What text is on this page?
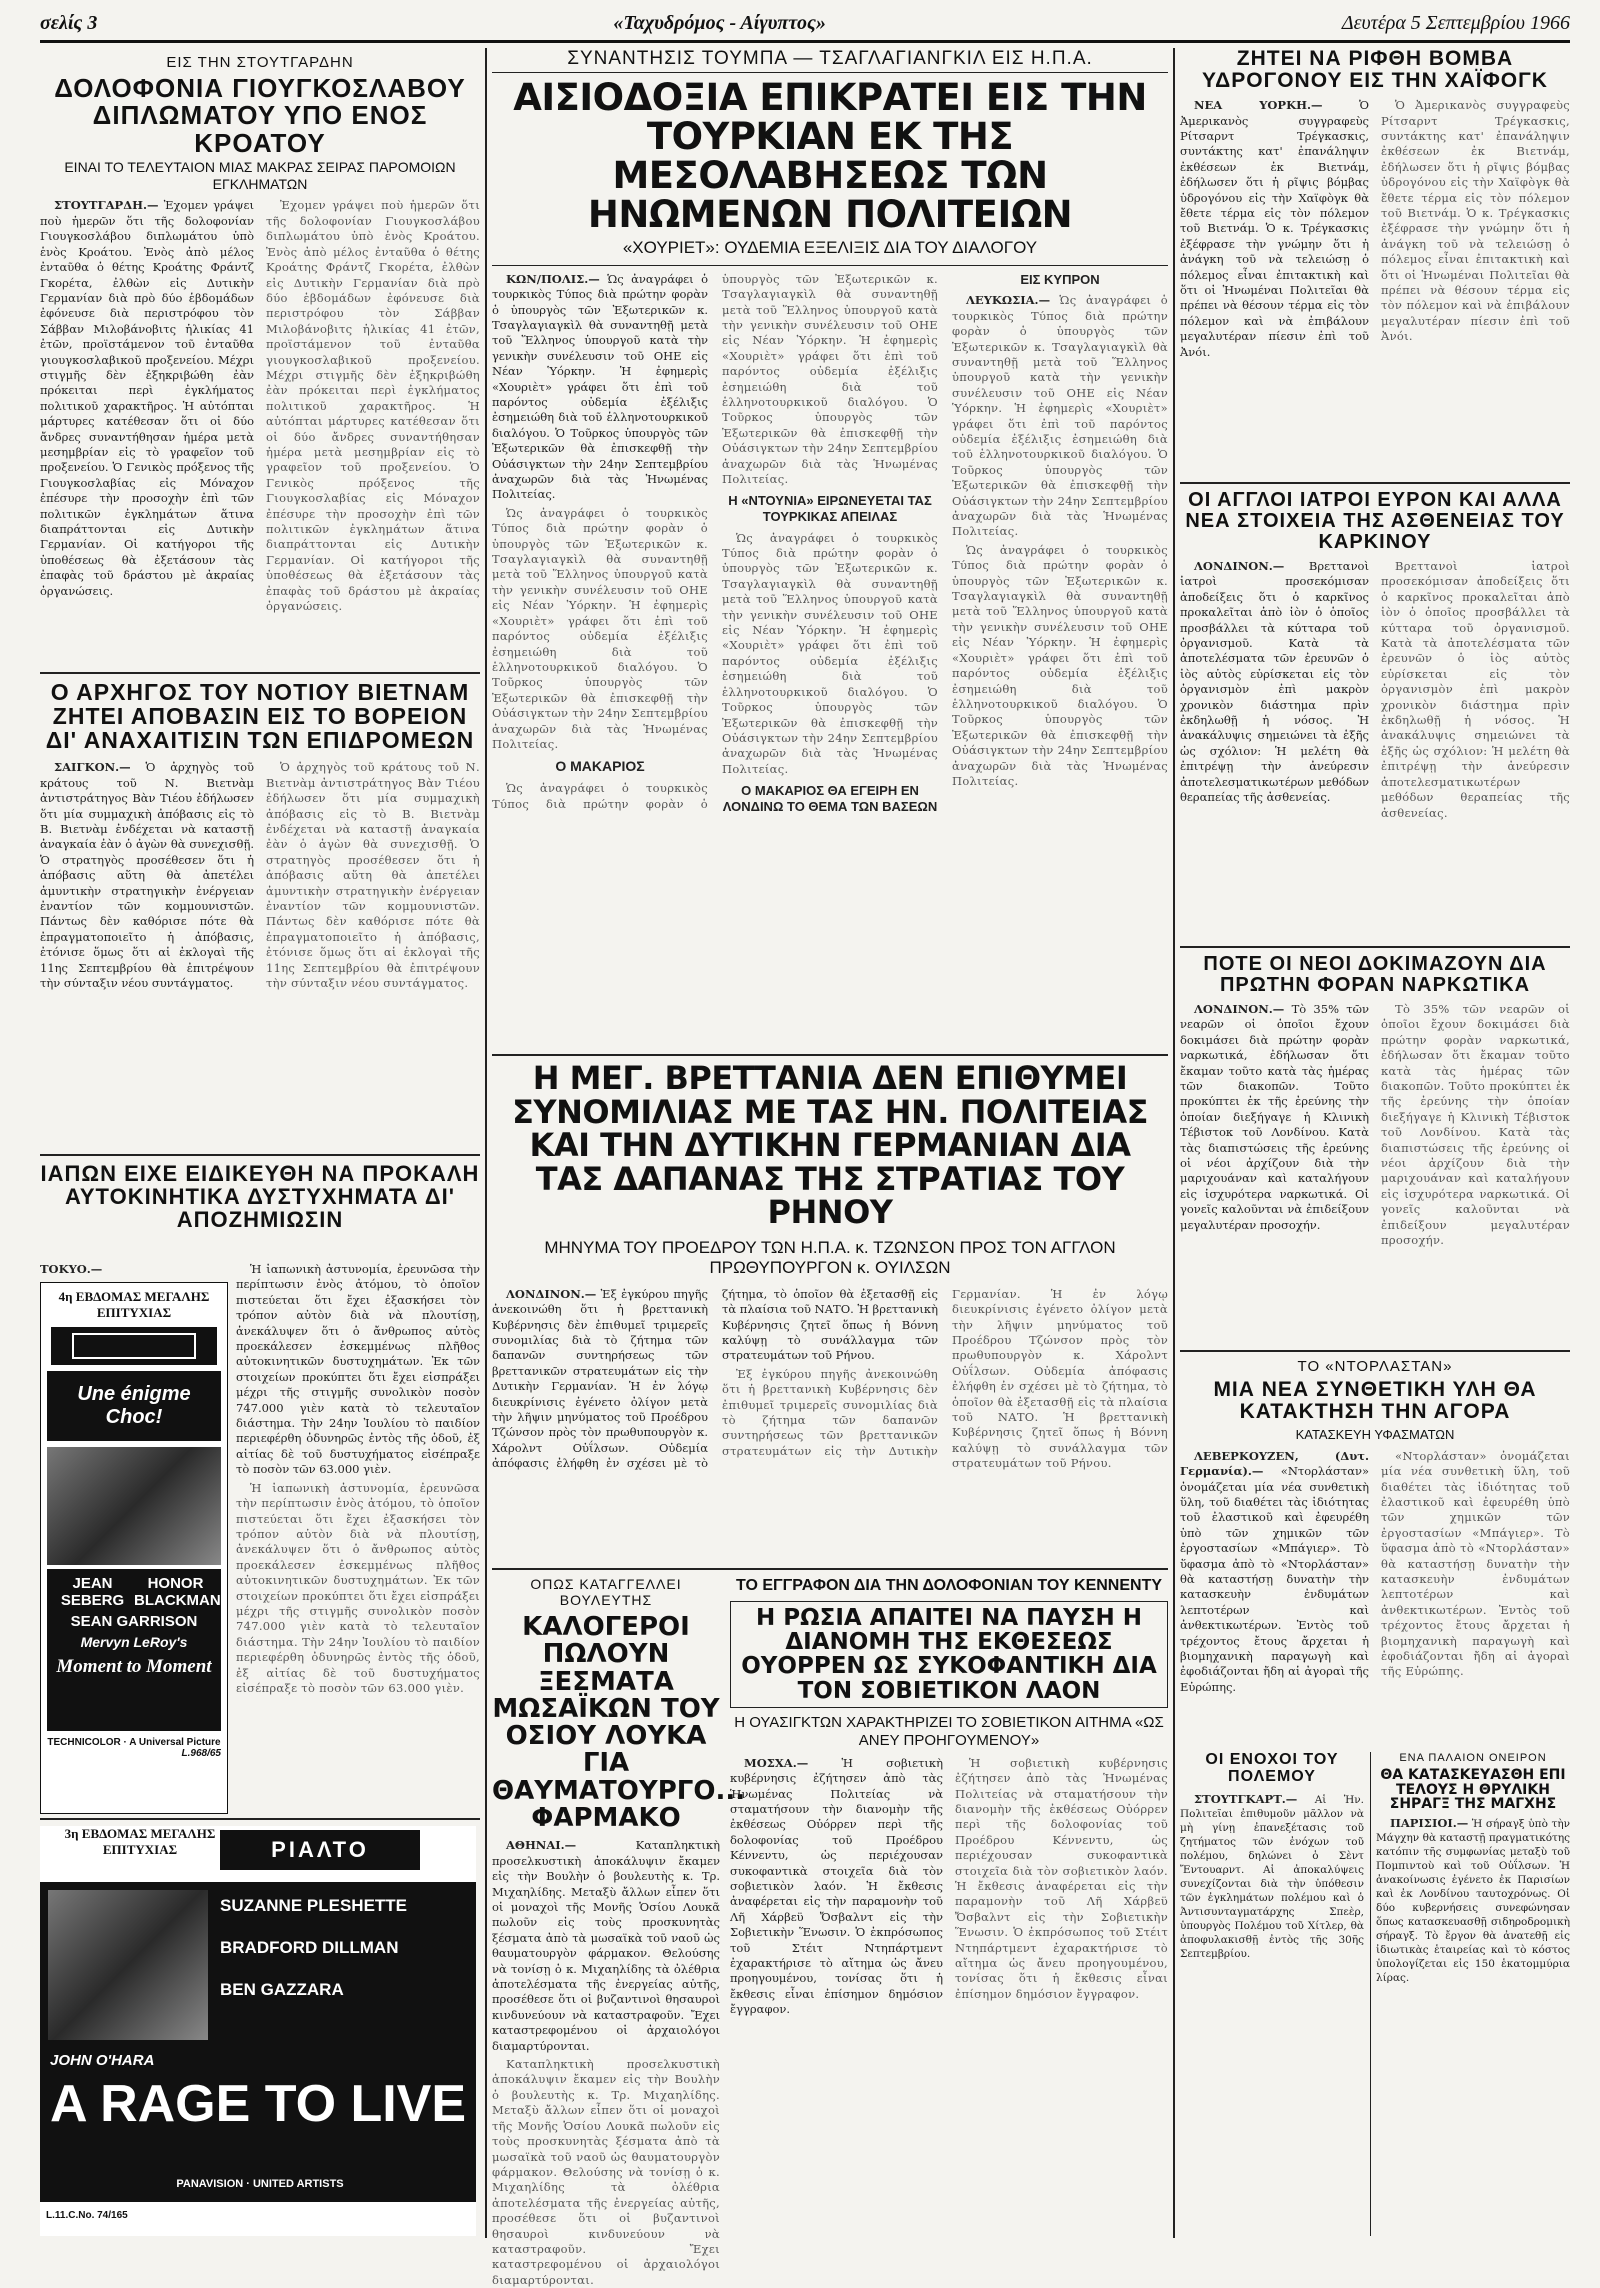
σελίς 3	«Ταχυδρόμος - Αίγυπτος»	Δευτέρα 5 Σεπτεμβρίου 1966
ΕΙΣ ΤΗΝ ΣΤΟΥΤΓΑΡΔΗΝ
ΔΟΛΟΦΟΝΙΑ ΓΙΟΥΓΚΟΣΛΑΒΟΥ ΔΙΠΛΩΜΑΤΟΥ ΥΠΟ ΕΝΟΣ ΚΡΟΑΤΟΥ
ΕΙΝΑΙ ΤΟ ΤΕΛΕΥΤΑΙΟΝ ΜΙΑΣ ΜΑΚΡΑΣ ΣΕΙΡΑΣ ΠΑΡΟΜΟΙΩΝ ΕΓΚΛΗΜΑΤΩΝ

ΣΤΟΥΤΓΑΡΔΗ.— Ἐχομεν γράψει ποὺ ἡμερῶν ὅτι τῆς δολοφονίαν Γιουγκοσλάβου διπλωμάτου ὑπὸ ἑνὸς Κροάτου. Ἐνὸς ἀπὸ μέλος ἐνταῦθα ὁ θέτης Κροάτης Φράντζ Γκορέτα, ἐλθὼν εἰς Δυτικὴν Γερμανίαν διὰ πρὸ δύο ἑβδομάδων ἐφόνευσε διὰ περιστρόφου τὸν Σάββαν Μιλοβάνοβιτς ἡλικίας 41 ἐτῶν, προϊστάμενον τοῦ ἐνταῦθα γιουγκοσλαβικοῦ προξενείου. Μέχρι στιγμῆς δὲν ἐξηκριβώθη ἐὰν πρόκειται περὶ ἐγκλήματος πολιτικοῦ χαρακτῆρος. Ἡ αὐτόπται μάρτυρες κατέθεσαν ὅτι οἱ δύο ἄνδρες συναντήθησαν ἡμέρα μετὰ μεσημβρίαν εἰς τὸ γραφεῖον τοῦ προξενείου. Ὁ Γενικὸς πρόξενος τῆς Γιουγκοσλαβίας εἰς Μόναχον ἐπέσυρε τὴν προσοχὴν ἐπὶ τῶν πολιτικῶν ἐγκλημάτων ἅτινα διαπράττονται εἰς Δυτικὴν Γερμανίαν. Οἱ κατήγοροι τῆς ὑποθέσεως θὰ ἐξετάσουν τὰς ἐπαφὰς τοῦ δράστου μὲ ἀκραίας ὀργανώσεις.

Ἐχομεν γράψει ποὺ ἡμερῶν ὅτι τῆς δολοφονίαν Γιουγκοσλάβου διπλωμάτου ὑπὸ ἑνὸς Κροάτου. Ἐνὸς ἀπὸ μέλος ἐνταῦθα ὁ θέτης Κροάτης Φράντζ Γκορέτα, ἐλθὼν εἰς Δυτικὴν Γερμανίαν διὰ πρὸ δύο ἑβδομάδων ἐφόνευσε διὰ περιστρόφου τὸν Σάββαν Μιλοβάνοβιτς ἡλικίας 41 ἐτῶν, προϊστάμενον τοῦ ἐνταῦθα γιουγκοσλαβικοῦ προξενείου. Μέχρι στιγμῆς δὲν ἐξηκριβώθη ἐὰν πρόκειται περὶ ἐγκλήματος πολιτικοῦ χαρακτῆρος. Ἡ αὐτόπται μάρτυρες κατέθεσαν ὅτι οἱ δύο ἄνδρες συναντήθησαν ἡμέρα μετὰ μεσημβρίαν εἰς τὸ γραφεῖον τοῦ προξενείου. Ὁ Γενικὸς πρόξενος τῆς Γιουγκοσλαβίας εἰς Μόναχον ἐπέσυρε τὴν προσοχὴν ἐπὶ τῶν πολιτικῶν ἐγκλημάτων ἅτινα διαπράττονται εἰς Δυτικὴν Γερμανίαν. Οἱ κατήγοροι τῆς ὑποθέσεως θὰ ἐξετάσουν τὰς ἐπαφὰς τοῦ δράστου μὲ ἀκραίας ὀργανώσεις.

Ο ΑΡΧΗΓΟΣ ΤΟΥ ΝΟΤΙΟΥ ΒΙΕΤΝΑΜ ΖΗΤΕΙ ΑΠΟΒΑΣΙΝ ΕΙΣ ΤΟ ΒΟΡΕΙΟΝ ΔΙ' ΑΝΑΧΑΙΤΙΣΙΝ ΤΩΝ ΕΠΙΔΡΟΜΕΩΝ

ΣΑΙΓΚΟΝ.— Ὁ ἀρχηγὸς τοῦ κράτους τοῦ Ν. Βιετνὰμ ἀντιστράτηγος Βὰν Τιέου ἐδήλωσεν ὅτι μία συμμαχικὴ ἀπόβασις εἰς τὸ Β. Βιετνὰμ ἐνδέχεται νὰ καταστῇ ἀναγκαία ἐὰν ὁ ἀγὼν θὰ συνεχισθῇ. Ὁ στρατηγὸς προσέθεσεν ὅτι ἡ ἀπόβασις αὕτη θὰ ἀπετέλει ἀμυντικὴν στρατηγικὴν ἐνέργειαν ἐναντίον τῶν κομμουνιστῶν. Πάντως δὲν καθόρισε πότε θὰ ἐπραγματοποιεῖτο ἡ ἀπόβασις, ἐτόνισε ὅμως ὅτι αἱ ἐκλογαὶ τῆς 11ης Σεπτεμβρίου θὰ ἐπιτρέψουν τὴν σύνταξιν νέου συντάγματος.

Ὁ ἀρχηγὸς τοῦ κράτους τοῦ Ν. Βιετνὰμ ἀντιστράτηγος Βὰν Τιέου ἐδήλωσεν ὅτι μία συμμαχικὴ ἀπόβασις εἰς τὸ Β. Βιετνὰμ ἐνδέχεται νὰ καταστῇ ἀναγκαία ἐὰν ὁ ἀγὼν θὰ συνεχισθῇ. Ὁ στρατηγὸς προσέθεσεν ὅτι ἡ ἀπόβασις αὕτη θὰ ἀπετέλει ἀμυντικὴν στρατηγικὴν ἐνέργειαν ἐναντίον τῶν κομμουνιστῶν. Πάντως δὲν καθόρισε πότε θὰ ἐπραγματοποιεῖτο ἡ ἀπόβασις, ἐτόνισε ὅμως ὅτι αἱ ἐκλογαὶ τῆς 11ης Σεπτεμβρίου θὰ ἐπιτρέψουν τὴν σύνταξιν νέου συντάγματος.

ΙΑΠΩΝ ΕΙΧΕ ΕΙΔΙΚΕΥΘΗ ΝΑ ΠΡΟΚΑΛΗ ΑΥΤΟΚΙΝΗΤΙΚΑ ΔΥΣΤΥΧΗΜΑΤΑ ΔΙ' ΑΠΟΖΗΜΙΩΣΙΝ
ΤΟΚΥΟ.—	Ἡ ἰαπωνικὴ ἀστυνομία, ἐρευνῶσα τὴν περίπτωσιν ἑνὸς ἀτόμου, τὸ ὁποῖον πιστεύεται ὅτι ἔχει ἐξασκήσει τὸν τρόπον αὐτὸν διὰ νὰ πλουτίσῃ, ἀνεκάλυψεν ὅτι ὁ ἄνθρωπος αὐτὸς προεκάλεσεν ἐσκεμμένως πλῆθος αὐτοκινητικῶν δυστυχημάτων. Ἐκ τῶν στοιχείων προκύπτει ὅτι ἔχει εἰσπράξει μέχρι τῆς στιγμῆς συνολικὸν ποσὸν 747.000 γιὲν κατὰ τὸ τελευταῖον διάστημα. Τὴν 24ην Ἰουλίου τὸ παιδίον περιεφέρθη ὀδυνηρῶς ἐντὸς τῆς ὁδοῦ, ἐξ αἰτίας δὲ τοῦ δυστυχήματος εἰσέπραξε τὸ ποσὸν τῶν 63.000 γιὲν.

Ἡ ἰαπωνικὴ ἀστυνομία, ἐρευνῶσα τὴν περίπτωσιν ἑνὸς ἀτόμου, τὸ ὁποῖον πιστεύεται ὅτι ἔχει ἐξασκήσει τὸν τρόπον αὐτὸν διὰ νὰ πλουτίσῃ, ἀνεκάλυψεν ὅτι ὁ ἄνθρωπος αὐτὸς προεκάλεσεν ἐσκεμμένως πλῆθος αὐτοκινητικῶν δυστυχημάτων. Ἐκ τῶν στοιχείων προκύπτει ὅτι ἔχει εἰσπράξει μέχρι τῆς στιγμῆς συνολικὸν ποσὸν 747.000 γιὲν κατὰ τὸ τελευταῖον διάστημα. Τὴν 24ην Ἰουλίου τὸ παιδίον περιεφέρθη ὀδυνηρῶς ἐντὸς τῆς ὁδοῦ, ἐξ αἰτίας δὲ τοῦ δυστυχήματος εἰσέπραξε τὸ ποσὸν τῶν 63.000 γιὲν.

4η ΕΒΔΟΜΑΣ ΜΕΓΑΛΗΣ ΕΠΙΤΥΧΙΑΣ
Une énigme Choc!
JEAN SEBERG
HONOR BLACKMAN
SEAN GARRISON
Mervyn LeRoy's
Moment to Moment
TECHNICOLOR · A Universal Picture
L.968/65
3η ΕΒΔΟΜΑΣ ΜΕΓΑΛΗΣ ΕΠΙΤΥΧΙΑΣ	ΡΙΑΛΤΟ
SUZANNE PLESHETTE
BRADFORD DILLMAN
BEN GAZZARA
JOHN O'HARA
A RAGE TO LIVE
PANAVISION · UNITED ARTISTS
L.11.C.No. 74/165
ΣΥΝΑΝΤΗΣΙΣ ΤΟΥΜΠΑ — ΤΣΑΓΛΑΓΙΑΝΓΚΙΛ ΕΙΣ Η.Π.Α.
ΑΙΣΙΟΔΟΞΙΑ ΕΠΙΚΡΑΤΕΙ ΕΙΣ ΤΗΝ ΤΟΥΡΚΙΑΝ ΕΚ ΤΗΣ ΜΕΣΟΛΑΒΗΣΕΩΣ ΤΩΝ ΗΝΩΜΕΝΩΝ ΠΟΛΙΤΕΙΩΝ
«ΧΟΥΡΙΕΤ»: ΟΥΔΕΜΙΑ ΕΞΕΛΙΞΙΣ ΔΙΑ ΤΟΥ ΔΙΑΛΟΓΟΥ

ΚΩΝ/ΠΟΛΙΣ.— Ὡς ἀναγράφει ὁ τουρκικὸς Τύπος διὰ πρώτην φορὰν ὁ ὑπουργὸς τῶν Ἐξωτερικῶν κ. Τσαγλαγιαγκὶλ θὰ συναντηθῇ μετὰ τοῦ Ἕλληνος ὑπουργοῦ κατὰ τὴν γενικὴν συνέλευσιν τοῦ ΟΗΕ εἰς Νέαν Ὑόρκην. Ἡ ἐφημερὶς «Χουριὲτ» γράφει ὅτι ἐπὶ τοῦ παρόντος οὐδεμία ἐξέλιξις ἐσημειώθη διὰ τοῦ ἑλληνοτουρκικοῦ διαλόγου. Ὁ Τοῦρκος ὑπουργὸς τῶν Ἐξωτερικῶν θὰ ἐπισκεφθῇ τὴν Οὐάσιγκτων τὴν 24ην Σεπτεμβρίου ἀναχωρῶν διὰ τὰς Ἡνωμένας Πολιτείας.

Ὡς ἀναγράφει ὁ τουρκικὸς Τύπος διὰ πρώτην φορὰν ὁ ὑπουργὸς τῶν Ἐξωτερικῶν κ. Τσαγλαγιαγκὶλ θὰ συναντηθῇ μετὰ τοῦ Ἕλληνος ὑπουργοῦ κατὰ τὴν γενικὴν συνέλευσιν τοῦ ΟΗΕ εἰς Νέαν Ὑόρκην. Ἡ ἐφημερὶς «Χουριὲτ» γράφει ὅτι ἐπὶ τοῦ παρόντος οὐδεμία ἐξέλιξις ἐσημειώθη διὰ τοῦ ἑλληνοτουρκικοῦ διαλόγου. Ὁ Τοῦρκος ὑπουργὸς τῶν Ἐξωτερικῶν θὰ ἐπισκεφθῇ τὴν Οὐάσιγκτων τὴν 24ην Σεπτεμβρίου ἀναχωρῶν διὰ τὰς Ἡνωμένας Πολιτείας.

Ο ΜΑΚΑΡΙΟΣ

Ὡς ἀναγράφει ὁ τουρκικὸς Τύπος διὰ πρώτην φορὰν ὁ ὑπουργὸς τῶν Ἐξωτερικῶν κ. Τσαγλαγιαγκὶλ θὰ συναντηθῇ μετὰ τοῦ Ἕλληνος ὑπουργοῦ κατὰ τὴν γενικὴν συνέλευσιν τοῦ ΟΗΕ εἰς Νέαν Ὑόρκην. Ἡ ἐφημερὶς «Χουριὲτ» γράφει ὅτι ἐπὶ τοῦ παρόντος οὐδεμία ἐξέλιξις ἐσημειώθη διὰ τοῦ ἑλληνοτουρκικοῦ διαλόγου. Ὁ Τοῦρκος ὑπουργὸς τῶν Ἐξωτερικῶν θὰ ἐπισκεφθῇ τὴν Οὐάσιγκτων τὴν 24ην Σεπτεμβρίου ἀναχωρῶν διὰ τὰς Ἡνωμένας Πολιτείας.

Η «ΝΤΟΥΝΙΑ» ΕΙΡΩΝΕΥΕΤΑΙ ΤΑΣ ΤΟΥΡΚΙΚΑΣ ΑΠΕΙΛΑΣ

Ὡς ἀναγράφει ὁ τουρκικὸς Τύπος διὰ πρώτην φορὰν ὁ ὑπουργὸς τῶν Ἐξωτερικῶν κ. Τσαγλαγιαγκὶλ θὰ συναντηθῇ μετὰ τοῦ Ἕλληνος ὑπουργοῦ κατὰ τὴν γενικὴν συνέλευσιν τοῦ ΟΗΕ εἰς Νέαν Ὑόρκην. Ἡ ἐφημερὶς «Χουριὲτ» γράφει ὅτι ἐπὶ τοῦ παρόντος οὐδεμία ἐξέλιξις ἐσημειώθη διὰ τοῦ ἑλληνοτουρκικοῦ διαλόγου. Ὁ Τοῦρκος ὑπουργὸς τῶν Ἐξωτερικῶν θὰ ἐπισκεφθῇ τὴν Οὐάσιγκτων τὴν 24ην Σεπτεμβρίου ἀναχωρῶν διὰ τὰς Ἡνωμένας Πολιτείας.

Ο ΜΑΚΑΡΙΟΣ ΘΑ ΕΓΕΙΡΗ ΕΝ ΛΟΝΔΙΝΩ ΤΟ ΘΕΜΑ ΤΩΝ ΒΑΣΕΩΝ ΕΙΣ ΚΥΠΡΟΝ

ΛΕΥΚΩΣΙΑ.— Ὡς ἀναγράφει ὁ τουρκικὸς Τύπος διὰ πρώτην φορὰν ὁ ὑπουργὸς τῶν Ἐξωτερικῶν κ. Τσαγλαγιαγκὶλ θὰ συναντηθῇ μετὰ τοῦ Ἕλληνος ὑπουργοῦ κατὰ τὴν γενικὴν συνέλευσιν τοῦ ΟΗΕ εἰς Νέαν Ὑόρκην. Ἡ ἐφημερὶς «Χουριὲτ» γράφει ὅτι ἐπὶ τοῦ παρόντος οὐδεμία ἐξέλιξις ἐσημειώθη διὰ τοῦ ἑλληνοτουρκικοῦ διαλόγου. Ὁ Τοῦρκος ὑπουργὸς τῶν Ἐξωτερικῶν θὰ ἐπισκεφθῇ τὴν Οὐάσιγκτων τὴν 24ην Σεπτεμβρίου ἀναχωρῶν διὰ τὰς Ἡνωμένας Πολιτείας.

Ὡς ἀναγράφει ὁ τουρκικὸς Τύπος διὰ πρώτην φορὰν ὁ ὑπουργὸς τῶν Ἐξωτερικῶν κ. Τσαγλαγιαγκὶλ θὰ συναντηθῇ μετὰ τοῦ Ἕλληνος ὑπουργοῦ κατὰ τὴν γενικὴν συνέλευσιν τοῦ ΟΗΕ εἰς Νέαν Ὑόρκην. Ἡ ἐφημερὶς «Χουριὲτ» γράφει ὅτι ἐπὶ τοῦ παρόντος οὐδεμία ἐξέλιξις ἐσημειώθη διὰ τοῦ ἑλληνοτουρκικοῦ διαλόγου. Ὁ Τοῦρκος ὑπουργὸς τῶν Ἐξωτερικῶν θὰ ἐπισκεφθῇ τὴν Οὐάσιγκτων τὴν 24ην Σεπτεμβρίου ἀναχωρῶν διὰ τὰς Ἡνωμένας Πολιτείας.

Η ΜΕΓ. ΒΡΕΤΤΑΝΙΑ ΔΕΝ ΕΠΙΘΥΜΕΙ ΣΥΝΟΜΙΛΙΑΣ ΜΕ ΤΑΣ ΗΝ. ΠΟΛΙΤΕΙΑΣ ΚΑΙ ΤΗΝ ΔΥΤΙΚΗΝ ΓΕΡΜΑΝΙΑΝ ΔΙΑ ΤΑΣ ΔΑΠΑΝΑΣ ΤΗΣ ΣΤΡΑΤΙΑΣ ΤΟΥ ΡΗΝΟΥ
ΜΗΝΥΜΑ ΤΟΥ ΠΡΟΕΔΡΟΥ ΤΩΝ Η.Π.Α. κ. ΤΖΩΝΣΟΝ ΠΡΟΣ ΤΟΝ ΑΓΓΛΟΝ ΠΡΩΘΥΠΟΥΡΓΟΝ κ. ΟΥΙΛΣΩΝ

ΛΟΝΔΙΝΟΝ.— Ἐξ ἐγκύρου πηγῆς ἀνεκοινώθη ὅτι ἡ βρεττανικὴ Κυβέρνησις δὲν ἐπιθυμεῖ τριμερεῖς συνομιλίας διὰ τὸ ζήτημα τῶν δαπανῶν συντηρήσεως τῶν βρεττανικῶν στρατευμάτων εἰς τὴν Δυτικὴν Γερμανίαν. Ἡ ἐν λόγῳ διευκρίνισις ἐγένετο ὀλίγον μετὰ τὴν λῆψιν μηνύματος τοῦ Προέδρου Τζώνσον πρὸς τὸν πρωθυπουργὸν κ. Χάρολντ Οὐΐλσων. Οὐδεμία ἀπόφασις ἐλήφθη ἐν σχέσει μὲ τὸ ζήτημα, τὸ ὁποῖον θὰ ἐξετασθῇ εἰς τὰ πλαίσια τοῦ ΝΑΤΟ. Ἡ βρεττανικὴ Κυβέρνησις ζητεῖ ὅπως ἡ Βόννη καλύψῃ τὸ συνάλλαγμα τῶν στρατευμάτων τοῦ Ρήνου.

Ἐξ ἐγκύρου πηγῆς ἀνεκοινώθη ὅτι ἡ βρεττανικὴ Κυβέρνησις δὲν ἐπιθυμεῖ τριμερεῖς συνομιλίας διὰ τὸ ζήτημα τῶν δαπανῶν συντηρήσεως τῶν βρεττανικῶν στρατευμάτων εἰς τὴν Δυτικὴν Γερμανίαν. Ἡ ἐν λόγῳ διευκρίνισις ἐγένετο ὀλίγον μετὰ τὴν λῆψιν μηνύματος τοῦ Προέδρου Τζώνσον πρὸς τὸν πρωθυπουργὸν κ. Χάρολντ Οὐΐλσων. Οὐδεμία ἀπόφασις ἐλήφθη ἐν σχέσει μὲ τὸ ζήτημα, τὸ ὁποῖον θὰ ἐξετασθῇ εἰς τὰ πλαίσια τοῦ ΝΑΤΟ. Ἡ βρεττανικὴ Κυβέρνησις ζητεῖ ὅπως ἡ Βόννη καλύψῃ τὸ συνάλλαγμα τῶν στρατευμάτων τοῦ Ρήνου.

ΟΠΩΣ ΚΑΤΑΓΓΕΛΛΕΙ ΒΟΥΛΕΥΤΗΣ
ΚΑΛΟΓΕΡΟΙ ΠΩΛΟΥΝ ΞΕΣΜΑΤΑ ΜΩΣΑΪΚΩΝ ΤΟΥ ΟΣΙΟΥ ΛΟΥΚΑ ΓΙΑ ΘΑΥΜΑΤΟΥΡΓΟ... ΦΑΡΜΑΚΟ

ΑΘΗΝΑΙ.—	Καταπληκτικὴ προσελκυστικὴ ἀποκάλυψιν ἔκαμεν εἰς τὴν Βουλὴν ὁ βουλευτὴς κ. Τρ. Μιχαηλίδης. Μεταξὺ ἄλλων εἶπεν ὅτι οἱ μοναχοὶ τῆς Μονῆς Ὁσίου Λουκᾶ πωλοῦν εἰς τοὺς προσκυνητὰς ξέσματα ἀπὸ τὰ μωσαϊκὰ τοῦ ναοῦ ὡς θαυματουργὸν φάρμακον. Θελούσης νὰ τονίσῃ ὁ κ. Μιχαηλίδης τὰ ὀλέθρια ἀποτελέσματα τῆς ἐνεργείας αὐτῆς, προσέθεσε ὅτι οἱ βυζαντινοὶ θησαυροὶ κινδυνεύουν νὰ καταστραφοῦν. Ἔχει καταστρεφομένου οἱ ἀρχαιολόγοι διαμαρτύρονται.

Καταπληκτικὴ προσελκυστικὴ ἀποκάλυψιν ἔκαμεν εἰς τὴν Βουλὴν ὁ βουλευτὴς κ. Τρ. Μιχαηλίδης. Μεταξὺ ἄλλων εἶπεν ὅτι οἱ μοναχοὶ τῆς Μονῆς Ὁσίου Λουκᾶ πωλοῦν εἰς τοὺς προσκυνητὰς ξέσματα ἀπὸ τὰ μωσαϊκὰ τοῦ ναοῦ ὡς θαυματουργὸν φάρμακον. Θελούσης νὰ τονίσῃ ὁ κ. Μιχαηλίδης τὰ ὀλέθρια ἀποτελέσματα τῆς ἐνεργείας αὐτῆς, προσέθεσε ὅτι οἱ βυζαντινοὶ θησαυροὶ κινδυνεύουν νὰ καταστραφοῦν. Ἔχει καταστρεφομένου οἱ ἀρχαιολόγοι διαμαρτύρονται.

ΤΟ ΕΓΓΡΑΦΟΝ ΔΙΑ ΤΗΝ ΔΟΛΟΦΟΝΙΑΝ ΤΟΥ ΚΕΝΝΕΝΤΥ
Η ΡΩΣΙΑ ΑΠΑΙΤΕΙ ΝΑ ΠΑΥΣΗ Η ΔΙΑΝΟΜΗ ΤΗΣ ΕΚΘΕΣΕΩΣ ΟΥΟΡΡΕΝ ΩΣ ΣΥΚΟΦΑΝΤΙΚΗ ΔΙΑ ΤΟΝ ΣΟΒΙΕΤΙΚΟΝ ΛΑΟΝ
Η ΟΥΑΣΙΓΚΤΩΝ ΧΑΡΑΚΤΗΡΙΖΕΙ ΤΟ ΣΟΒΙΕΤΙΚΟΝ ΑΙΤΗΜΑ «ΩΣ ΑΝΕΥ ΠΡΟΗΓΟΥΜΕΝΟΥ»

ΜΟΣΧΑ.—	Ἡ σοβιετικὴ κυβέρνησις ἐζήτησεν ἀπὸ τὰς Ἡνωμένας Πολιτείας νὰ σταματήσουν τὴν διανομὴν τῆς ἐκθέσεως Οὐόρρεν περὶ τῆς δολοφονίας τοῦ Προέδρου Κέννεντυ, ὡς περιέχουσαν συκοφαντικὰ στοιχεῖα διὰ τὸν σοβιετικὸν λαόν. Ἡ ἔκθεσις ἀναφέρεται εἰς τὴν παραμονὴν τοῦ Λῆ Χάρβεϋ Ὄσβαλντ εἰς τὴν Σοβιετικὴν Ἕνωσιν. Ὁ ἐκπρόσωπος τοῦ Στέιτ Ντηπάρτμεντ ἐχαρακτήρισε τὸ αἴτημα ὡς ἄνευ προηγουμένου, τονίσας ὅτι ἡ ἔκθεσις εἶναι ἐπίσημον δημόσιον ἔγγραφον.

Ἡ σοβιετικὴ κυβέρνησις ἐζήτησεν ἀπὸ τὰς Ἡνωμένας Πολιτείας νὰ σταματήσουν τὴν διανομὴν τῆς ἐκθέσεως Οὐόρρεν περὶ τῆς δολοφονίας τοῦ Προέδρου Κέννεντυ, ὡς περιέχουσαν συκοφαντικὰ στοιχεῖα διὰ τὸν σοβιετικὸν λαόν. Ἡ ἔκθεσις ἀναφέρεται εἰς τὴν παραμονὴν τοῦ Λῆ Χάρβεϋ Ὄσβαλντ εἰς τὴν Σοβιετικὴν Ἕνωσιν. Ὁ ἐκπρόσωπος τοῦ Στέιτ Ντηπάρτμεντ ἐχαρακτήρισε τὸ αἴτημα ὡς ἄνευ προηγουμένου, τονίσας ὅτι ἡ ἔκθεσις εἶναι ἐπίσημον δημόσιον ἔγγραφον.

ΖΗΤΕΙ ΝΑ ΡΙΦΘΗ ΒΟΜΒΑ ΥΔΡΟΓΟΝΟΥ ΕΙΣ ΤΗΝ ΧΑΪΦΟΓΚ

ΝΕΑ ΥΟΡΚΗ.—	Ὁ Ἀμερικανὸς συγγραφεὺς Ρίτσαρντ Τρέγκασκις, συντάκτης κατ' ἐπανάληψιν ἐκθέσεων ἐκ Βιετνάμ, ἐδήλωσεν ὅτι ἡ ρῖψις βόμβας ὑδρογόνου εἰς τὴν Χαϊφὸγκ θὰ ἔθετε τέρμα εἰς τὸν πόλεμον τοῦ Βιετνάμ. Ὁ κ. Τρέγκασκις ἐξέφρασε τὴν γνώμην ὅτι ἡ ἀνάγκη τοῦ νὰ τελειώσῃ ὁ πόλεμος εἶναι ἐπιτακτικὴ καὶ ὅτι οἱ Ἡνωμέναι Πολιτεῖαι θὰ πρέπει νὰ θέσουν τέρμα εἰς τὸν πόλεμον καὶ νὰ ἐπιβάλουν μεγαλυτέραν πίεσιν ἐπὶ τοῦ Ἀνόι.

Ὁ Ἀμερικανὸς συγγραφεὺς Ρίτσαρντ Τρέγκασκις, συντάκτης κατ' ἐπανάληψιν ἐκθέσεων ἐκ Βιετνάμ, ἐδήλωσεν ὅτι ἡ ρῖψις βόμβας ὑδρογόνου εἰς τὴν Χαϊφὸγκ θὰ ἔθετε τέρμα εἰς τὸν πόλεμον τοῦ Βιετνάμ. Ὁ κ. Τρέγκασκις ἐξέφρασε τὴν γνώμην ὅτι ἡ ἀνάγκη τοῦ νὰ τελειώσῃ ὁ πόλεμος εἶναι ἐπιτακτικὴ καὶ ὅτι οἱ Ἡνωμέναι Πολιτεῖαι θὰ πρέπει νὰ θέσουν τέρμα εἰς τὸν πόλεμον καὶ νὰ ἐπιβάλουν μεγαλυτέραν πίεσιν ἐπὶ τοῦ Ἀνόι.

ΟΙ ΑΓΓΛΟΙ ΙΑΤΡΟΙ ΕΥΡΟΝ ΚΑΙ ΑΛΛΑ ΝΕΑ ΣΤΟΙΧΕΙΑ ΤΗΣ ΑΣΘΕΝΕΙΑΣ ΤΟΥ ΚΑΡΚΙΝΟΥ

ΛΟΝΔΙΝΟΝ.— Βρεττανοὶ ἰατροὶ προσεκόμισαν ἀποδείξεις ὅτι ὁ καρκῖνος προκαλεῖται ἀπὸ ἰὸν ὁ ὁποῖος προσβάλλει τὰ κύτταρα τοῦ ὀργανισμοῦ. Κατὰ τὰ ἀποτελέσματα τῶν ἐρευνῶν ὁ ἰὸς αὐτὸς εὑρίσκεται εἰς τὸν ὀργανισμὸν ἐπὶ μακρὸν χρονικὸν διάστημα πρὶν ἐκδηλωθῇ ἡ νόσος. Ἡ ἀνακάλυψις σημειώνει τὰ ἑξῆς ὡς σχόλιον: Ἡ μελέτη θὰ ἐπιτρέψῃ τὴν ἀνεύρεσιν ἀποτελεσματικωτέρων μεθόδων θεραπείας τῆς ἀσθενείας.

Βρεττανοὶ ἰατροὶ προσεκόμισαν ἀποδείξεις ὅτι ὁ καρκῖνος προκαλεῖται ἀπὸ ἰὸν ὁ ὁποῖος προσβάλλει τὰ κύτταρα τοῦ ὀργανισμοῦ. Κατὰ τὰ ἀποτελέσματα τῶν ἐρευνῶν ὁ ἰὸς αὐτὸς εὑρίσκεται εἰς τὸν ὀργανισμὸν ἐπὶ μακρὸν χρονικὸν διάστημα πρὶν ἐκδηλωθῇ ἡ νόσος. Ἡ ἀνακάλυψις σημειώνει τὰ ἑξῆς ὡς σχόλιον: Ἡ μελέτη θὰ ἐπιτρέψῃ τὴν ἀνεύρεσιν ἀποτελεσματικωτέρων μεθόδων θεραπείας τῆς ἀσθενείας.

ΠΟΤΕ ΟΙ ΝΕΟΙ ΔΟΚΙΜΑΖΟΥΝ ΔΙΑ ΠΡΩΤΗΝ ΦΟΡΑΝ ΝΑΡΚΩΤΙΚΑ

ΛΟΝΔΙΝΟΝ.— Τὸ 35% τῶν νεαρῶν οἱ ὁποῖοι ἔχουν δοκιμάσει διὰ πρώτην φορὰν ναρκωτικά, ἐδήλωσαν ὅτι ἔκαμαν τοῦτο κατὰ τὰς ἡμέρας τῶν διακοπῶν. Τοῦτο προκύπτει ἐκ τῆς ἐρεύνης τὴν ὁποίαν διεξήγαγε ἡ Κλινικὴ Τέβιστοκ τοῦ Λονδίνου. Κατὰ τὰς διαπιστώσεις τῆς ἐρεύνης οἱ νέοι ἀρχίζουν διὰ τὴν μαριχουάναν καὶ καταλήγουν εἰς ἰσχυρότερα ναρκωτικά. Οἱ γονεῖς καλοῦνται νὰ ἐπιδείξουν μεγαλυτέραν προσοχήν.

Τὸ 35% τῶν νεαρῶν οἱ ὁποῖοι ἔχουν δοκιμάσει διὰ πρώτην φορὰν ναρκωτικά, ἐδήλωσαν ὅτι ἔκαμαν τοῦτο κατὰ τὰς ἡμέρας τῶν διακοπῶν. Τοῦτο προκύπτει ἐκ τῆς ἐρεύνης τὴν ὁποίαν διεξήγαγε ἡ Κλινικὴ Τέβιστοκ τοῦ Λονδίνου. Κατὰ τὰς διαπιστώσεις τῆς ἐρεύνης οἱ νέοι ἀρχίζουν διὰ τὴν μαριχουάναν καὶ καταλήγουν εἰς ἰσχυρότερα ναρκωτικά. Οἱ γονεῖς καλοῦνται νὰ ἐπιδείξουν μεγαλυτέραν προσοχήν.

ΤΟ «ΝΤΟΡΛΑΣΤΑΝ»
ΜΙΑ ΝΕΑ ΣΥΝΘΕΤΙΚΗ ΥΛΗ ΘΑ ΚΑΤΑΚΤΗΣΗ ΤΗΝ ΑΓΟΡΑ
ΚΑΤΑΣΚΕΥΗ ΥΦΑΣΜΑΤΩΝ

ΛΕΒΕΡΚΟΥΖΕΝ, (Δυτ. Γερμανία).— «Ντορλάσταν» ὀνομάζεται μία νέα συνθετικὴ ὕλη, τοῦ διαθέτει τὰς ἰδιότητας τοῦ ἐλαστικοῦ καὶ ἐφευρέθη ὑπὸ τῶν χημικῶν τῶν ἐργοστασίων «Μπάγιερ». Τὸ ὕφασμα ἀπὸ τὸ «Ντορλάσταν» θὰ καταστήσῃ δυνατὴν τὴν κατασκευὴν ἐνδυμάτων λεπτοτέρων καὶ ἀνθεκτικωτέρων. Ἐντὸς τοῦ τρέχοντος ἔτους ἄρχεται ἡ βιομηχανικὴ παραγωγὴ καὶ ἐφοδιάζονται ἤδη αἱ ἀγοραὶ τῆς Εὐρώπης.

«Ντορλάσταν» ὀνομάζεται μία νέα συνθετικὴ ὕλη, τοῦ διαθέτει τὰς ἰδιότητας τοῦ ἐλαστικοῦ καὶ ἐφευρέθη ὑπὸ τῶν χημικῶν τῶν ἐργοστασίων «Μπάγιερ». Τὸ ὕφασμα ἀπὸ τὸ «Ντορλάσταν» θὰ καταστήσῃ δυνατὴν τὴν κατασκευὴν ἐνδυμάτων λεπτοτέρων καὶ ἀνθεκτικωτέρων. Ἐντὸς τοῦ τρέχοντος ἔτους ἄρχεται ἡ βιομηχανικὴ παραγωγὴ καὶ ἐφοδιάζονται ἤδη αἱ ἀγοραὶ τῆς Εὐρώπης.

ΕΝΑ ΠΑΛΑΙΟΝ ΟΝΕΙΡΟΝ
ΘΑ ΚΑΤΑΣΚΕΥΑΣΘΗ ΕΠΙ ΤΕΛΟΥΣ Η ΘΡΥΛΙΚΗ ΣΗΡΑΓΞ ΤΗΣ ΜΑΓΧΗΣ

ΠΑΡΙΣΙΟΙ.— Ἡ σήραγξ ὑπὸ τὴν Μάγχην θὰ καταστῇ πραγματικότης κατόπιν τῆς συμφωνίας μεταξὺ τοῦ Πομπιντοὺ καὶ τοῦ Οὐΐλσων. Ἡ ἀνακοίνωσις ἐγένετο ἐκ Παρισίων καὶ ἐκ Λονδίνου ταυτοχρόνως. Οἱ δύο κυβερνήσεις συνεφώνησαν ὅπως κατασκευασθῇ σιδηροδρομικὴ σήραγξ. Τὸ ἔργον θὰ ἀνατεθῇ εἰς ἰδιωτικὰς ἑταιρείας καὶ τὸ κόστος ὑπολογίζεται εἰς 150 ἑκατομμύρια λίρας.

ΟΙ ΕΝΟΧΟΙ ΤΟΥ ΠΟΛΕΜΟΥ

ΣΤΟΥΤΓΚΑΡΤ.— Αἱ Ἡν. Πολιτεῖαι ἐπιθυμοῦν μᾶλλον νὰ μὴ γίνῃ ἐπανεξέτασις τοῦ ζητήματος τῶν ἐνόχων τοῦ πολέμου, δηλώνει ὁ Σὲντ Ἔντουαρντ. Αἱ ἀποκαλύψεις συνεχίζονται διὰ τὴν ὑπόθεσιν τῶν ἐγκλημάτων πολέμου καὶ ὁ Ἀντισυνταγματάρχης Σπεὲρ, ὑπουργὸς Πολέμου τοῦ Χίτλερ, θὰ ἀποφυλακισθῇ ἐντὸς τῆς 30ῆς Σεπτεμβρίου.
